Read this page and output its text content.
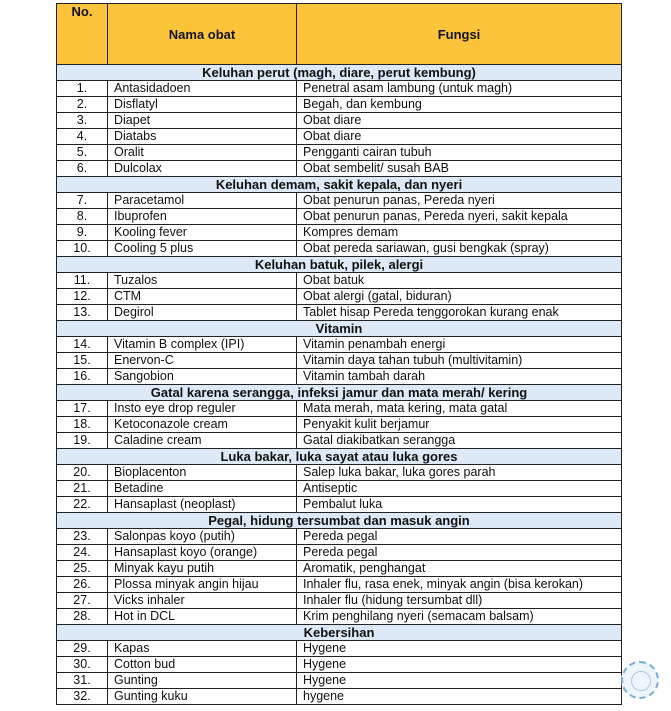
No.	Nama obat	Fungsi
Keluhan perut (magh, diare, perut kembung)		
1.	Antasidadoen	Penetral asam lambung (untuk magh)
2.	Disflatyl	Begah, dan kembung
3.	Diapet	Obat diare
4.	Diatabs	Obat diare
5.	Oralit	Pengganti cairan tubuh
6.	Dulcolax	Obat sembelit/ susah BAB
Keluhan demam, sakit kepala, dan nyeri		
7.	Paracetamol	Obat penurun panas, Pereda nyeri
8.	Ibuprofen	Obat penurun panas, Pereda nyeri, sakit kepala
9.	Kooling fever	Kompres demam
10.	Cooling 5 plus	Obat pereda sariawan, gusi bengkak (spray)
Keluhan batuk, pilek, alergi		
11.	Tuzalos	Obat batuk
12.	CTM	Obat alergi (gatal, biduran)
13.	Degirol	Tablet hisap Pereda tenggorokan kurang enak
Vitamin		
14.	Vitamin B complex (IPI)	Vitamin penambah energi
15.	Enervon-C	Vitamin daya tahan tubuh (multivitamin)
16.	Sangobion	Vitamin tambah darah
Gatal karena serangga, infeksi jamur dan mata merah/ kering		
17.	Insto eye drop reguler	Mata merah, mata kering, mata gatal
18.	Ketoconazole cream	Penyakit kulit berjamur
19.	Caladine cream	Gatal diakibatkan serangga
Luka bakar, luka sayat atau luka gores		
20.	Bioplacenton	Salep luka bakar, luka gores parah
21.	Betadine	Antiseptic
22.	Hansaplast (neoplast)	Pembalut luka
Pegal, hidung tersumbat dan masuk angin		
23.	Salonpas koyo (putih)	Pereda pegal
24.	Hansaplast koyo (orange)	Pereda pegal
25.	Minyak kayu putih	Aromatik, penghangat
26.	Plossa minyak angin hijau	Inhaler flu, rasa enek, minyak angin (bisa kerokan)
27.	Vicks inhaler	Inhaler flu (hidung tersumbat dll)
28.	Hot in DCL	Krim penghilang nyeri (semacam balsam)
Kebersihan		
29.	Kapas	Hygene
30.	Cotton bud	Hygene
31.	Gunting	Hygene
32.	Gunting kuku	hygene
